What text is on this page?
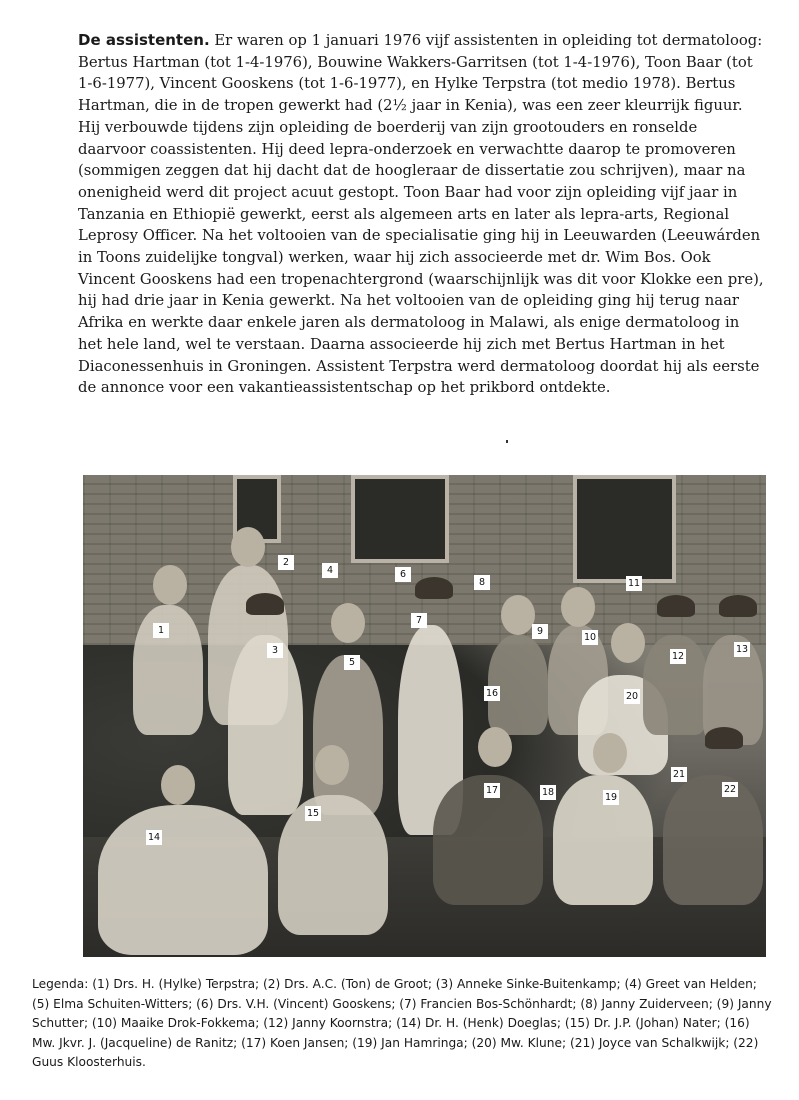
De assistenten. Er waren op 1 januari 1976 vijf assistenten in opleiding tot dermatoloog: Bertus Hartman (tot 1-4-1976), Bouwine Wakkers-Garritsen (tot 1-4-1976), Toon Baar (tot 1-6-1977), Vincent Gooskens (tot 1-6-1977), en Hylke Terpstra (tot medio 1978). Bertus Hartman, die in de tropen gewerkt had (2½ jaar in Kenia), was een zeer kleurrijk figuur. Hij verbouwde tijdens zijn opleiding de boerderij van zijn grootouders en ronselde daarvoor coassistenten. Hij deed lepra-onderzoek en verwachtte daarop te promoveren (sommigen zeggen dat hij dacht dat de hoogleraar de dissertatie zou schrijven), maar na onenigheid werd dit project acuut gestopt. Toon Baar had voor zijn opleiding vijf jaar in Tanzania en Ethiopië gewerkt, eerst als algemeen arts en later als lepra-arts, Regional Leprosy Officer. Na het voltooien van de specialisatie ging hij in Leeuwarden (Leeuwárden in Toons zuidelijke tongval) werken, waar hij zich associeerde met dr. Wim Bos. Ook Vincent Gooskens had een tropenachtergrond (waarschijnlijk was dit voor Klokke een pre), hij had drie jaar in Kenia gewerkt. Na het voltooien van de opleiding ging hij terug naar Afrika en werkte daar enkele jaren als dermatoloog in Malawi, als enige dermatoloog in het hele land, wel te verstaan. Daarna associeerde hij zich met Bertus Hartman in het Diaconessenhuis in Groningen. Assistent Terpstra werd dermatoloog doordat hij als eerste de annonce voor een vakantieassistentschap op het prikbord ontdekte.
1
2
3
4
5
6
7
8
9
10
11
12
13
14
15
16
17	18	19
20
21
22
Legenda: (1) Drs. H. (Hylke) Terpstra; (2) Drs. A.C. (Ton) de Groot; (3) Anneke Sinke-Buitenkamp; (4) Greet van Helden; (5) Elma Schuiten-Witters; (6) Drs. V.H. (Vincent) Gooskens; (7) Francien Bos-Schönhardt; (8) Janny Zuiderveen; (9) Janny Schutter; (10) Maaike Drok-Fokkema; (12) Janny Koornstra; (14) Dr. H. (Henk) Doeglas; (15) Dr. J.P. (Johan) Nater; (16) Mw. Jkvr. J. (Jacqueline) de Ranitz; (17) Koen Jansen; (19) Jan Hamringa; (20) Mw. Klune; (21) Joyce van Schalkwijk; (22) Guus Kloosterhuis.
